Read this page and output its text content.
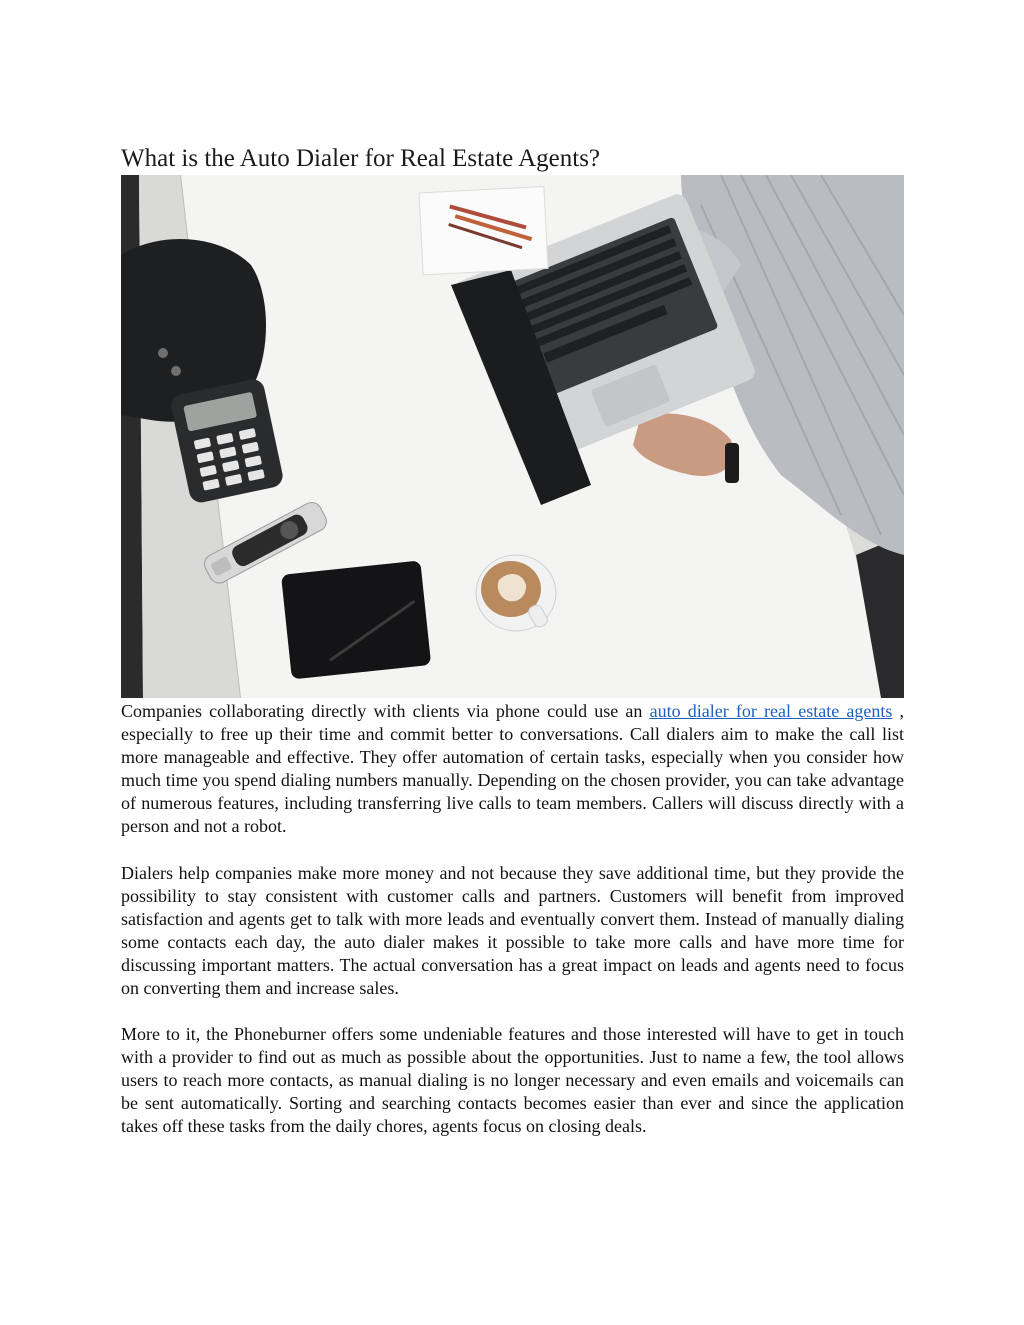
What is the Auto Dialer for Real Estate Agents?

Companies collaborating directly with clients via phone could use an auto dialer for real estate agents , especially to free up their time and commit better to conversations. Call dialers aim to make the call list more manageable and effective. They offer automation of certain tasks, especially when you consider how much time you spend dialing numbers manually. Depending on the chosen provider, you can take advantage of numerous features, including transferring live calls to team members. Callers will discuss directly with a person and not a robot.

Dialers help companies make more money and not because they save additional time, but they provide the possibility to stay consistent with customer calls and partners. Customers will benefit from improved satisfaction and agents get to talk with more leads and eventually convert them. Instead of manually dialing some contacts each day, the auto dialer makes it possible to take more calls and have more time for discussing important matters. The actual conversation has a great impact on leads and agents need to focus on converting them and increase sales.

More to it, the Phoneburner offers some undeniable features and those interested will have to get in touch with a provider to find out as much as possible about the opportunities. Just to name a few, the tool allows users to reach more contacts, as manual dialing is no longer necessary and even emails and voicemails can be sent automatically. Sorting and searching contacts becomes easier than ever and since the application takes off these tasks from the daily chores, agents focus on closing deals.
